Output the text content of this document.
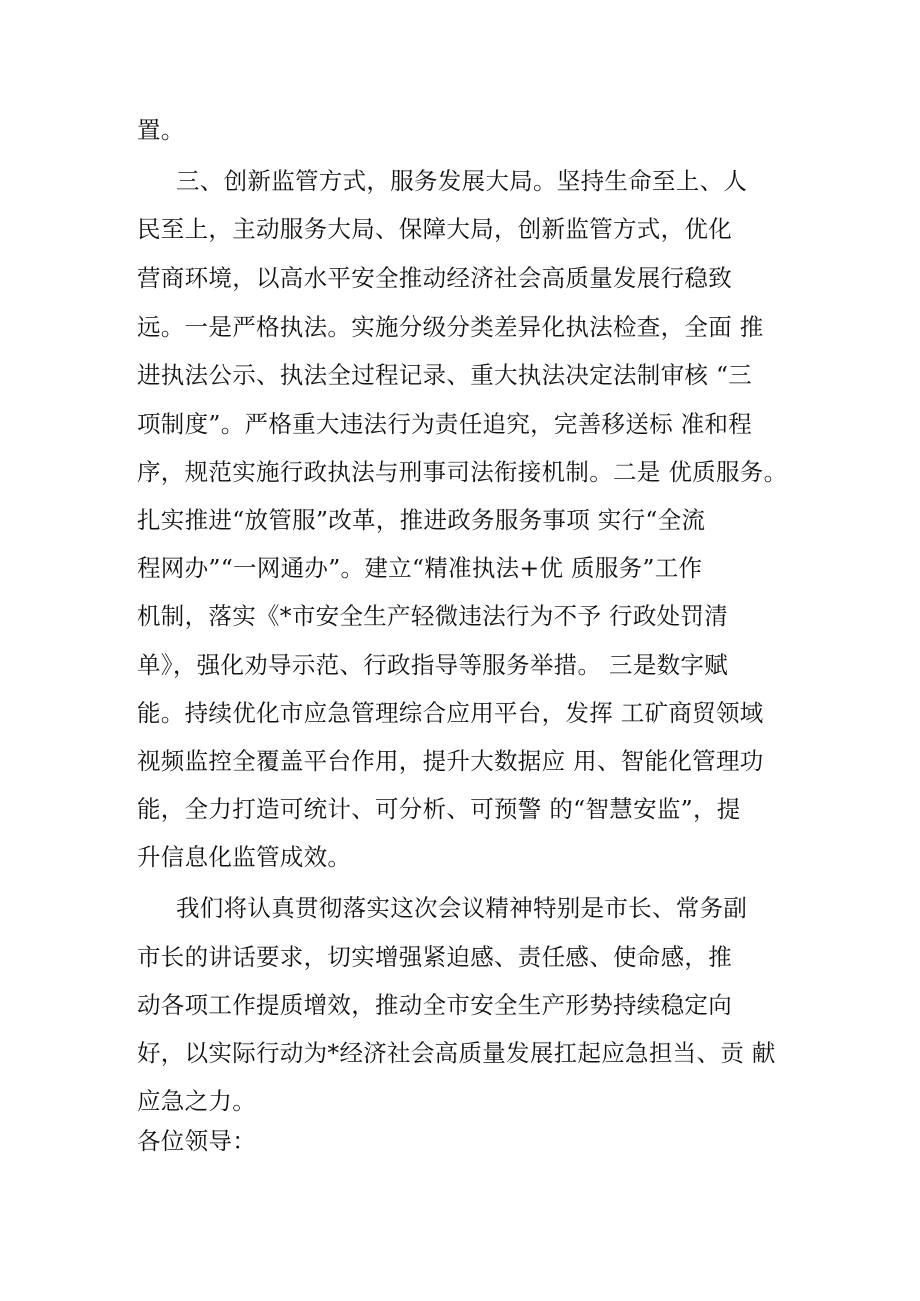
置。
三、创新监管方式，服务发展大局。坚持生命至上、人
民至上，主动服务大局、保障大局，创新监管方式，优化
营商环境，以高水平安全推动经济社会高质量发展行稳致
远。一是严格执法。实施分级分类差异化执法检查，全面 推
进执法公示、执法全过程记录、重大执法决定法制审核 “三
项制度”。严格重大违法行为责任追究，完善移送标 准和程
序，规范实施行政执法与刑事司法衔接机制。二是 优质服务。
扎实推进“放管服”改革，推进政务服务事项 实行“全流
程网办”“一网通办”。建立“精准执法+优 质服务”工作
机制，落实《*市安全生产轻微违法行为不予 行政处罚清
单》，强化劝导示范、行政指导等服务举措。 三是数字赋
能。持续优化市应急管理综合应用平台，发挥 工矿商贸领域
视频监控全覆盖平台作用，提升大数据应 用、智能化管理功
能，全力打造可统计、可分析、可预警 的“智慧安监”，提
升信息化监管成效。
我们将认真贯彻落实这次会议精神特别是市长、常务副
市长的讲话要求，切实增强紧迫感、责任感、使命感，推
动各项工作提质增效，推动全市安全生产形势持续稳定向
好，以实际行动为*经济社会高质量发展扛起应急担当、贡 献
应急之力。
各位领导：
